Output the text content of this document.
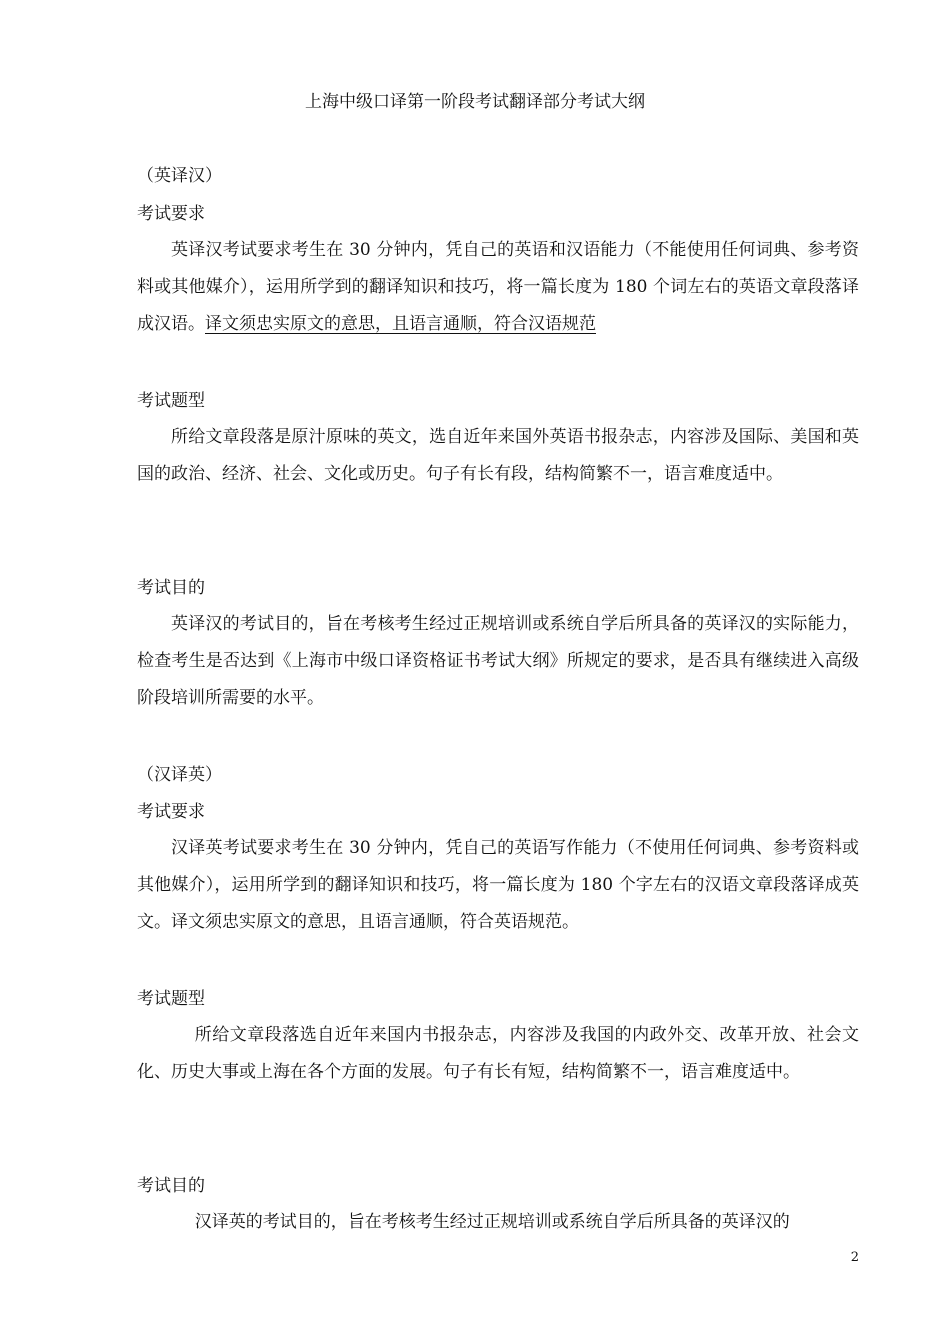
上海中级口译第一阶段考试翻译部分考试大纲
（英译汉）
考试要求

英译汉考试要求考生在 30 分钟内，凭自己的英语和汉语能力（不能使用任何词典、参考资料或其他媒介），运用所学到的翻译知识和技巧，将一篇长度为 180 个词左右的英语文章段落译成汉语。译文须忠实原文的意思，且语言通顺，符合汉语规范

考试题型

所给文章段落是原汁原味的英文，选自近年来国外英语书报杂志，内容涉及国际、美国和英国的政治、经济、社会、文化或历史。句子有长有段，结构简繁不一，语言难度适中。

考试目的

英译汉的考试目的，旨在考核考生经过正规培训或系统自学后所具备的英译汉的实际能力，检查考生是否达到《上海市中级口译资格证书考试大纲》所规定的要求，是否具有继续进入高级阶段培训所需要的水平。

（汉译英）
考试要求

汉译英考试要求考生在 30 分钟内，凭自己的英语写作能力（不使用任何词典、参考资料或其他媒介），运用所学到的翻译知识和技巧，将一篇长度为 180 个字左右的汉语文章段落译成英文。译文须忠实原文的意思，且语言通顺，符合英语规范。

考试题型

所给文章段落选自近年来国内书报杂志，内容涉及我国的内政外交、改革开放、社会文化、历史大事或上海在各个方面的发展。句子有长有短，结构简繁不一，语言难度适中。

考试目的

汉译英的考试目的，旨在考核考生经过正规培训或系统自学后所具备的英译汉的

2
